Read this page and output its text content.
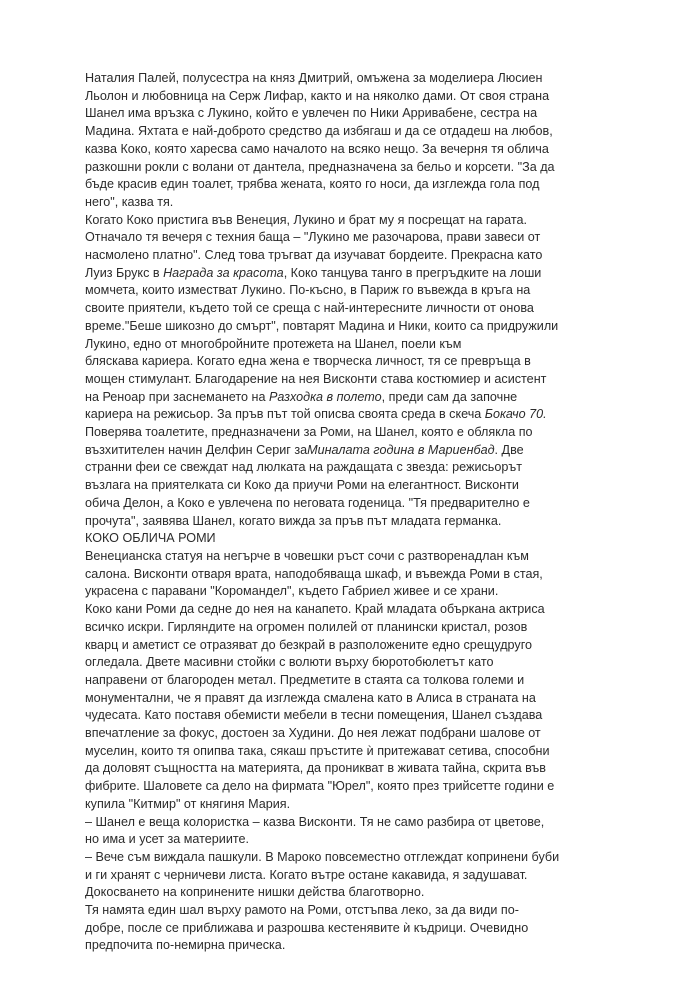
Наталия Палей, полусестра на княз Дмитрий, омъжена за моделиера Люсиен
Льолон и любовница на Серж Лифар, както и на няколко дами. От своя страна
Шанел има връзка с Лукино, който е увлечен по Ники Арривабене, сестра на
Мадина. Яхтата е най-доброто средство да избягаш и да се отдадеш на любов,
казва Коко, която харесва само началото на всяко нещо. За вечерня тя облича
разкошни рокли с волани от дантела, предназначена за бельо и корсети. "За да
бъде красив един тоалет, трябва жената, която го носи, да изглежда гола под
него", казва тя.
Когато Коко пристига във Венеция, Лукино и брат му я посрещат на гарата.
Отначало тя вечеря с техния баща – "Лукино ме разочарова, прави завеси от
насмолено платно". След това тръгват да изучават бордеите. Прекрасна като
Луиз Брукс в Награда за красота, Коко танцува танго в прегръдките на лоши
момчета, които изместват Лукино. По-късно, в Париж го въвежда в кръга на
своите приятели, където той се среща с най-интересните личности от онова
време."Беше шикозно до смърт", повтарят Мадина и Ники, които са придружили
Лукино, едно от многобройните протежета на Шанел, поели към
бляскава кариера. Когато една жена е творческа личност, тя се превръща в
мощен стимулант. Благодарение на нея Висконти става костюмиер и асистент
на Реноар при заснемането на Разходка в полето, преди сам да започне
кариера на режисьор. За пръв път той описва своята среда в скеча Бокачо 70.
Поверява тоалетите, предназначени за Роми, на Шанел, която е облякла по
възхитителен начин Делфин Сериг заМиналата година в Мариенбад. Две
странни феи се свеждат над люлката на раждащата с звезда: режисьорът
възлага на приятелката си Коко да приучи Роми на елегантност. Висконти
обича Делон, а Коко е увлечена по неговата годеница. "Тя предварително е
прочута", заявява Шанел, когато вижда за пръв път младата германка.
КОКО ОБЛИЧА РОМИ
Венецианска статуя на негърче в човешки ръст сочи с разтворенадлан към
салона. Висконти отваря врата, наподобяваща шкаф, и въвежда Роми в стая,
украсена с паравани "Коромандел", където Габриел живее и се храни.
Коко кани Роми да седне до нея на канапето. Край младата объркана актриса
всичко искри. Гирляндите на огромен полилей от планински кристал, розов
кварц и аметист се отразяват до безкрай в разположените едно срещудруго
огледала. Двете масивни стойки с волюти върху бюротобюлетът като
направени от благороден метал. Предметите в стаята са толкова големи и
монументални, че я правят да изглежда смалена като в Алиса в страната на
чудесата. Като поставя обемисти мебели в тесни помещения, Шанел създава
впечатление за фокус, достоен за Худини. До нея лежат подбрани шалове от
муселин, които тя опипва така, сякаш пръстите ѝ притежават сетива, способни
да доловят същността на материята, да проникват в живата тайна, скрита във
фибрите. Шаловете са дело на фирмата "Юрел", която през трийсетте години е
купила "Китмир" от княгиня Мария.
– Шанел е веща колористка – казва Висконти. Тя не само разбира от цветове,
но има и усет за материите.
– Вече съм виждала пашкули. В Мароко повсеместно отглеждат копринени буби
и ги хранят с черничеви листа. Когато вътре остане какавида, я задушават.
Докосването на копринените нишки действа благотворно.
Тя намята един шал върху рамото на Роми, отстъпва леко, за да види по-
добре, после се приближава и разрошва кестенявите ѝ къдрици. Очевидно
предпочита по-немирна прическа.
